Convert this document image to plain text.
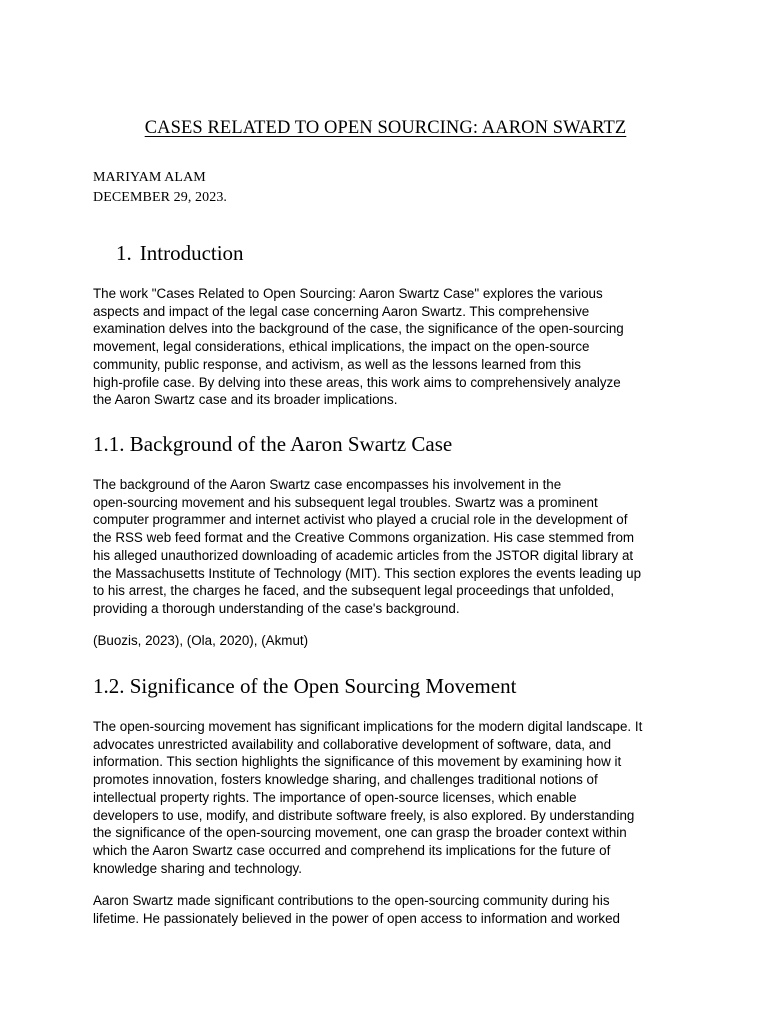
CASES RELATED TO OPEN SOURCING: AARON SWARTZ

MARIYAM ALAM

DECEMBER 29, 2023.

1. Introduction

The work "Cases Related to Open Sourcing: Aaron Swartz Case" explores the various
aspects and impact of the legal case concerning Aaron Swartz. This comprehensive
examination delves into the background of the case, the significance of the open-sourcing
movement, legal considerations, ethical implications, the impact on the open-source
community, public response, and activism, as well as the lessons learned from this
high-profile case. By delving into these areas, this work aims to comprehensively analyze
the Aaron Swartz case and its broader implications.

1.1. Background of the Aaron Swartz Case

The background of the Aaron Swartz case encompasses his involvement in the
open-sourcing movement and his subsequent legal troubles. Swartz was a prominent
computer programmer and internet activist who played a crucial role in the development of
the RSS web feed format and the Creative Commons organization. His case stemmed from
his alleged unauthorized downloading of academic articles from the JSTOR digital library at
the Massachusetts Institute of Technology (MIT). This section explores the events leading up
to his arrest, the charges he faced, and the subsequent legal proceedings that unfolded,
providing a thorough understanding of the case's background.

(Buozis, 2023), (Ola, 2020), (Akmut)

1.2. Significance of the Open Sourcing Movement

The open-sourcing movement has significant implications for the modern digital landscape. It
advocates unrestricted availability and collaborative development of software, data, and
information. This section highlights the significance of this movement by examining how it
promotes innovation, fosters knowledge sharing, and challenges traditional notions of
intellectual property rights. The importance of open-source licenses, which enable
developers to use, modify, and distribute software freely, is also explored. By understanding
the significance of the open-sourcing movement, one can grasp the broader context within
which the Aaron Swartz case occurred and comprehend its implications for the future of
knowledge sharing and technology.

Aaron Swartz made significant contributions to the open-sourcing community during his
lifetime. He passionately believed in the power of open access to information and worked
